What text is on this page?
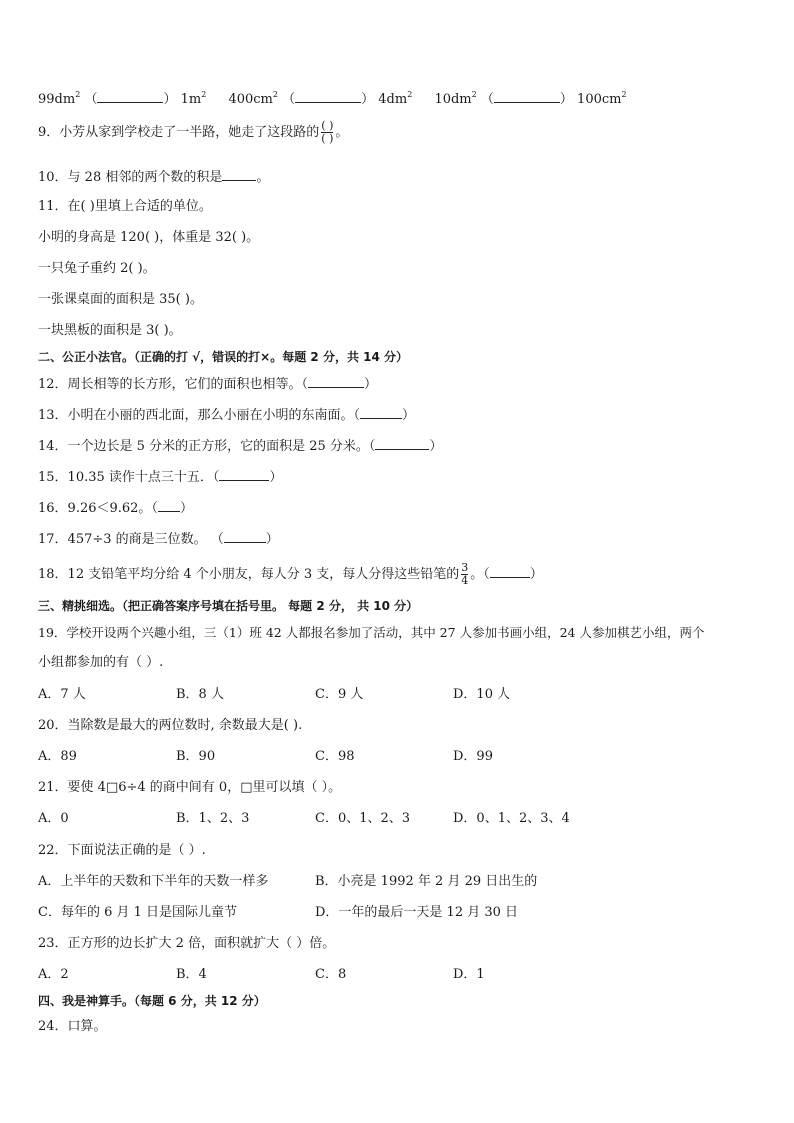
$99dm^2$ （	） $1m^2$ $400cm^2$ （	） $4dm^2$ $10dm^2$ （	） $100cm^2$
9．小芳从家到学校走了一半路，她走了这段路的 $\frac{( )}{( )}$ 。
10．与 28 相邻的两个数的积是	。
11．在( )里填上合适的单位。
小明的身高是 120( )，体重是 32( )。
一只兔子重约 2( )。
一张课桌面的面积是 35( )。
一块黑板的面积是 3( )。
二、公正小法官。（正确的打 √，错误的打×。每题 2 分，共 14 分）
12．周长相等的长方形，它们的面积也相等。（	）
13．小明在小丽的西北面，那么小丽在小明的东南面。（	）
14．一个边长是 5 分米的正方形，它的面积是 25 分米。（	）
15．10.35 读作十点三十五．（	）
16．9.26＜9.62。（ ）
17．457÷3 的商是三位数。 （	）
18．12 支铅笔平均分给 4 个小朋友，每人分 3 支，每人分得这些铅笔的 $\frac{3}{4}$ 。（	）
三、精挑细选。（把正确答案序号填在括号里。 每题 2 分， 共 10 分）
19．学校开设两个兴趣小组，三（1）班 42 人都报名参加了活动，其中 27 人参加书画小组，24 人参加棋艺小组，两个
小组都参加的有（ ）.
A．7 人	B．8 人	C．9 人	D．10 人
20．当除数是最大的两位数时, 余数最大是( ).
A．89	B．90	C．98	D．99
21．要使 4□6÷4 的商中间有 0，□里可以填（ ）。
A．0	B．1、2、3	C．0、1、2、3	D．0、1、2、3、4
22．下面说法正确的是（ ）.
A．上半年的天数和下半年的天数一样多	B．小亮是 1992 年 2 月 29 日出生的
C．每年的 6 月 1 日是国际儿童节	D．一年的最后一天是 12 月 30 日
23．正方形的边长扩大 2 倍，面积就扩大（ ）倍。
A．2	B．4	C．8	D．1
四、我是神算手。（每题 6 分，共 12 分）
24．口算。
